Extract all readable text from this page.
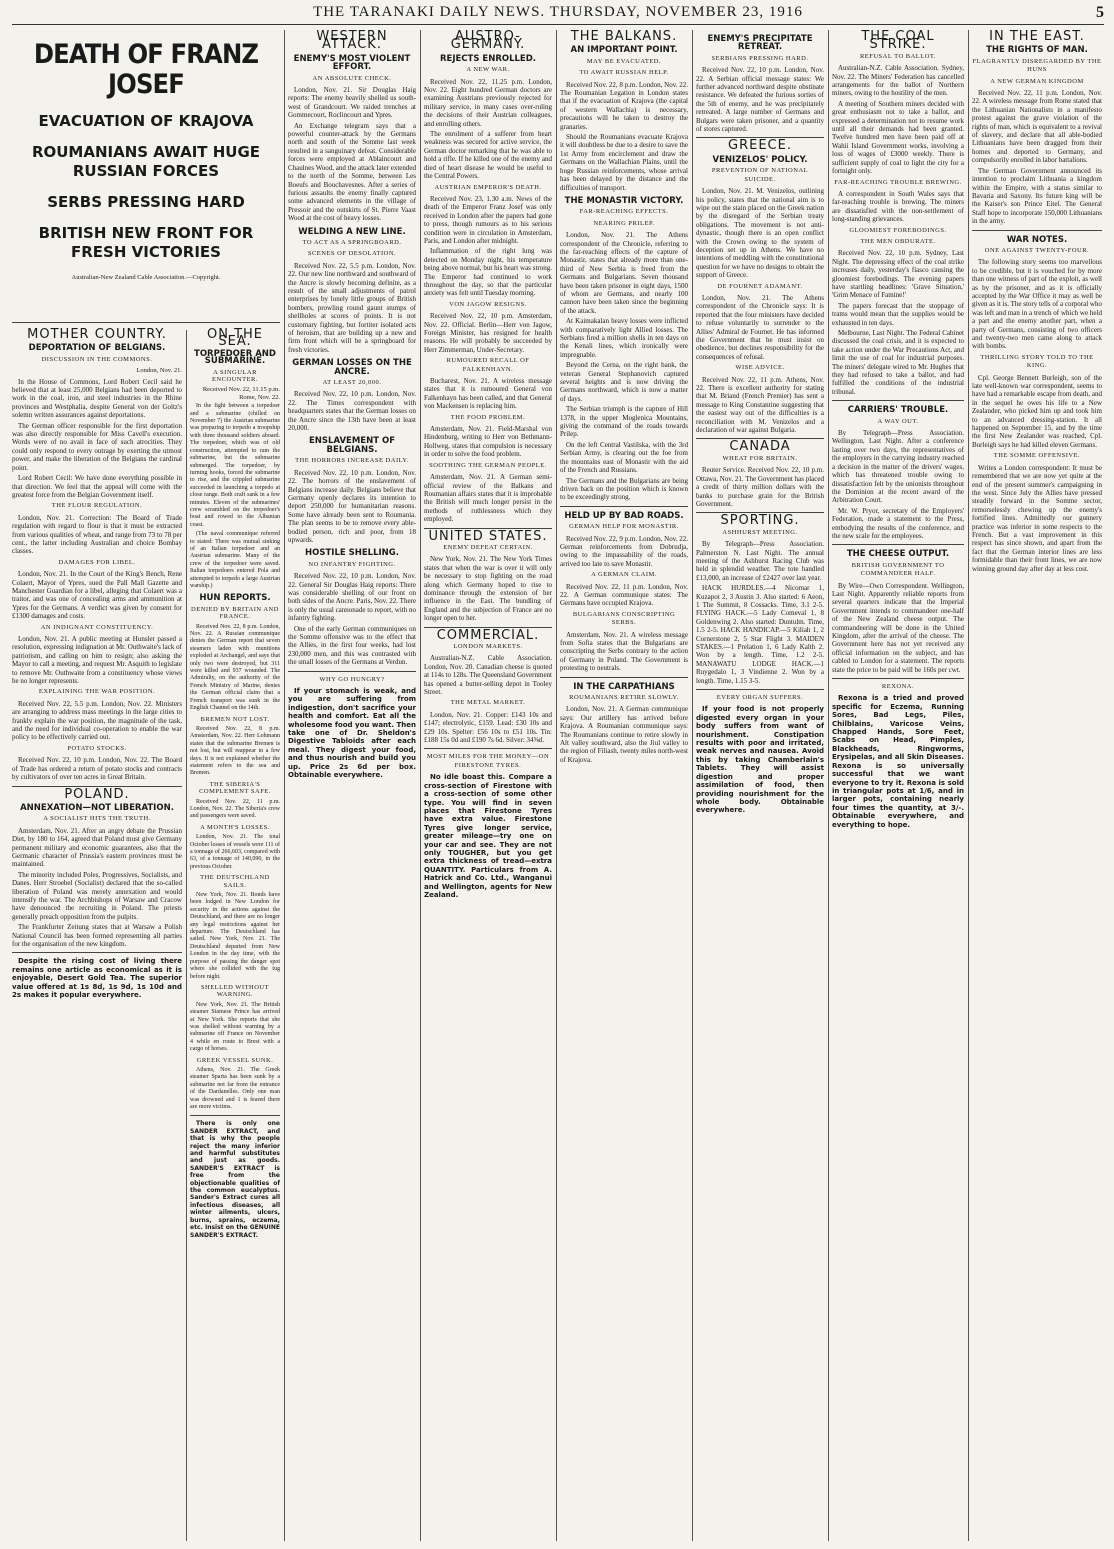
THE TARANAKI DAILY NEWS. THURSDAY, NOVEMBER 23, 1916	5
DEATH OF FRANZ JOSEF
EVACUATION OF KRAJOVA
ROUMANIANS AWAIT HUGE RUSSIAN FORCES
SERBS PRESSING HARD
BRITISH NEW FRONT FOR FRESH VICTORIES
Australian-New Zealand Cable Association.—Copyright.
MOTHER COUNTRY.
DEPORTATION OF BELGIANS.
DISCUSSION IN THE COMMONS.
London, Nov. 21.

In the House of Commons, Lord Robert Cecil said he believed that at least 25,000 Belgians had been deported to work in the coal, iron, and steel industries in the Rhine provinces and Westphalia, despite General von der Goltz's solemn written assurances against deportations.

The German officer responsible for the first deportation was also directly responsible for Miss Cavell's execution. Words were of no avail in face of such atrocities. They could only respond to every outrage by exerting the utmost power, and make the liberation of the Belgians the cardinal point.

Lord Robert Cecil: We have done everything possible in that direction. We feel that the appeal will come with the greatest force from the Belgian Government itself.

THE FLOUR REGULATION.

London, Nov. 21. Correction: The Board of Trade regulation with regard to flour is that it must be extracted from various qualities of wheat, and range from 73 to 78 per cent., the latter including Australian and choice Bombay classes.

DAMAGES FOR LIBEL.

London, Nov. 21. In the Court of the King's Bench, Rene Colaert, Mayor of Ypres, sued the Pall Mall Gazette and Manchester Guardian for a libel, alleging that Colaert was a traitor, and was one of concealing arms and ammunition at Ypres for the Germans. A verdict was given by consent for £1300 damages and costs.

AN INDIGNANT CONSTITUENCY.

London, Nov. 21. A public meeting at Hunslet passed a resolution, expressing indignation at Mr. Outhwaite's lack of patriotism, and calling on him to resign; also asking the Mayor to call a meeting, and request Mr. Asquith to legislate to remove Mr. Outhwaite from a constituency whose views he no longer represents.

EXPLAINING THE WAR POSITION.

Received Nov. 22, 5.5 p.m. London, Nov. 22. Ministers are arranging to address mass meetings in the large cities to frankly explain the war position, the magnitude of the task, and the need for individual co-operation to enable the war policy to be effectively carried out.

POTATO STOCKS.

Received Nov. 22, 10 p.m. London, Nov. 22. The Board of Trade has ordered a return of potato stocks and contracts by cultivators of over ten acres in Great Britain.

POLAND.
ANNEXATION—NOT LIBERATION.
A SOCIALIST HITS THE TRUTH.

Amsterdam, Nov. 21. After an angry debate the Prussian Diet, by 180 to 164, agreed that Poland must give Germany permanent military and economic guarantees, also that the Germanic character of Prussia's eastern provinces must be maintained.

The minority included Poles, Progressives, Socialists, and Danes. Herr Stroebel (Socialist) declared that the so-called liberation of Poland was merely annexation and would intensify the war. The Archbishops of Warsaw and Cracow have denounced the recruiting in Poland. The priests generally preach opposition from the pulpits.

The Frankfurter Zeitung states that at Warsaw a Polish National Council has been formed representing all parties for the organisation of the new kingdom.

Despite the rising cost of living there remains one article as economical as it is enjoyable, Desert Gold Tea. The superior value offered at 1s 8d, 1s 9d, 1s 10d and 2s makes it popular everywhere.

ON THE SEA.
TORPEDOER AND SUBMARINE.
A SINGULAR ENCOUNTER.
Received Nov. 22, 11.15 p.m. Rome, Nov. 22.

In the fight between a torpedoer and a submarine (chilled on November 7) the Austrian submarine was preparing to torpedo a troopship with three thousand soldiers aboard. The torpedoer, which was of old construction, attempted to ram the submarine, but the submarine submerged. The torpedoer, by turning hooks, forced the submarine to rise, and the crippled submarine succeeded in launching a torpedo at close range. Both craft sank in a few minutes. Eleven of the submarines' crew scrambled on the torpedoer's boat and rowed to the Albanian coast.

(The naval communique referred to stated: There was mutual sinking of an Italian torpedoer and an Austrian submarine. Many of the crew of the torpedoer were saved. Italian torpedoers entered Pola and attempted to torpedo a large Austrian warship.)

HUN REPORTS.
DENIED BY BRITAIN AND FRANCE.

Received Nov. 22, 8 p.m. London, Nov. 22. A Russian communique denies the German report that seven steamers laden with munitions exploded at Archangel, and says that only two were destroyed, but 311 were killed and 937 wounded. The Admiralty, on the authority of the French Ministry of Marine, denies the German official claim that a French transport was sunk in the English Channel on the 14th.

BREMEN NOT LOST.

Received Nov. 22, 8 p.m. Amsterdam, Nov. 22. Herr Lohmann states that the submarine Bremen is not lost, but will reappear in a few days. It is not explained whether the statement refers to the sea and Bremen.

THE SIBERIA'S COMPLEMENT SAFE.

Received Nov. 22, 11 p.m. London, Nov. 22. The Siberia's crew and passengers were saved.

A MONTH'S LOSSES.

London, Nov. 21. The total October losses of vessels were 111 of a tonnage of 266,603, compared with 63, of a tonnage of 140,090, in the previous October.

THE DEUTSCHLAND SAILS.

New York, Nov. 21. Bonds have been lodged in New London for security in the actions against the Deutschland, and there are no longer any legal restrictions against her departure. The Deutschland has sailed. New York, Nov. 21. The Deutschland departed from New London in the day time, with the purpose of passing the danger spot where she collided with the tug before night.

SHELLED WITHOUT WARNING.

New York, Nov. 21. The British steamer Siamese Prince has arrived at New York. She reports that she was shelled without warning by a submarine off France on November 4 while en route to Brest with a cargo of horses.

GREEK VESSEL SUNK.

Athens, Nov. 21. The Greek steamer Sparta has been sunk by a submarine not far from the entrance of the Dardanelles. Only one man was drowned and 1 is feared there are more victims.

There is only one SANDER EXTRACT, and that is why the people reject the many inferior and harmful substitutes and just as goods. SANDER'S EXTRACT is free from the objectionable qualities of the common eucalyptus. Sander's Extract cures all infectious diseases, all winter ailments, ulcers, burns, sprains, eczema, etc. Insist on the GENUINE SANDER'S EXTRACT.

WESTERN ATTACK.
ENEMY'S MOST VIOLENT EFFORT.
AN ABSOLUTE CHECK.

London, Nov. 21. Sir Douglas Haig reports: The enemy heavily shelled us south-west of Grandcourt. We raided trenches at Gommecourt, Roclincourt and Ypres.

An Exchange telegram says that a powerful counter-attack by the Germans north and south of the Somme last week resulted in a sanguinary defeat. Considerable forces were employed at Ablaincourt and Chaulnes Wood, and the attack later extended to the north of the Somme, between Les Boeufs and Bouchavesnes. After a series of furious assaults the enemy finally captured some advanced elements in the village of Pressoir and the outskirts of St. Pierre Vaast Wood at the cost of heavy losses.

WELDING A NEW LINE.
TO ACT AS A SPRINGBOARD.
SCENES OF DESOLATION.

Received Nov. 22, 5.5 p.m. London, Nov. 22. Our new line northward and southward of the Ancre is slowly becoming definite, as a result of the small adjustments of patrol enterprises by lonely little groups of British bombers, prowling round gaunt stumps of shellholes at scores of points. It is not customary fighting, but fortiter isolated acts of heroism, that are building up a new and firm front which will be a springboard for fresh victories.

GERMAN LOSSES ON THE ANCRE.
AT LEAST 20,000.

Received Nov. 22, 10 p.m. London, Nov. 22. The Times correspondent with headquarters states that the German losses on the Ancre since the 13th have been at least 20,000.

ENSLAVEMENT OF BELGIANS.
THE HORRORS INCREASE DAILY.

Received Nov. 22, 10 p.m. London, Nov. 22. The horrors of the enslavement of Belgians increase daily. Belgians believe that Germany openly declares its intention to deport 250,000 for humanitarian reasons. Some have already been sent to Roumania. The plan seems to be to remove every able-bodied person, rich and poor, from 18 upwards.

HOSTILE SHELLING.
NO INFANTRY FIGHTING.

Received Nov. 22, 10 p.m. London, Nov. 22. General Sir Douglas Haig reports: There was considerable shelling of our front on both sides of the Ancre. Paris, Nov. 22. There is only the usual cannonade to report, with no infantry fighting.

One of the early German communiques on the Somme offensive was to the effect that the Allies, in the first four weeks, had lost 230,000 men, and this was contrasted with the small losses of the Germans at Verdun.

WHY GO HUNGRY?

If your stomach is weak, and you are suffering from indigestion, don't sacrifice your health and comfort. Eat all the wholesome food you want. Then take one of Dr. Sheldon's Digestive Tabloids after each meal. They digest your food, and thus nourish and build you up. Price 2s 6d per box. Obtainable everywhere.

AUSTRO-GERMANY.
REJECTS ENROLLED.
A NEW WAR.

Received Nov. 22, 11.25 p.m. London, Nov. 22. Eight hundred German doctors are examining Austrians previously rejected for military service, in many cases over-ruling the decisions of their Austrian colleagues, and enrolling others.

The enrolment of a sufferer from heart weakness was secured for active service, the German doctor remarking that he was able to hold a rifle. If he killed one of the enemy and died of heart disease he would be useful to the Central Powers.

AUSTRIAN EMPEROR'S DEATH.

Received Nov. 23, 1.30 a.m. News of the death of the Emperor Franz Josef was only received in London after the papers had gone to press, though rumours as to his serious condition were in circulation in Amsterdam, Paris, and London after midnight.

Inflammation of the right lung was detected on Monday night, his temperature being above normal, but his heart was strong. The Emperor had continued to work throughout the day, so that the particular anxiety was felt until Tuesday morning.

VON JAGOW RESIGNS.

Received Nov. 22, 10 p.m. Amsterdam, Nov. 22. Official. Berlin—Herr von Jagow, Foreign Minister, has resigned for health reasons. He will probably be succeeded by Herr Zimmerman, Under-Secretary.

RUMOURED RECALL OF FALKENHAYN.

Bucharest, Nov. 21. A wireless message states that it is rumoured General von Falkenhayn has been called, and that General von Mackensen is replacing him.

THE FOOD PROBLEM.

Amsterdam, Nov. 21. Field-Marshal von Hindenburg, writing to Herr von Bethmann-Hollweg, states that compulsion is necessary in order to solve the food problem.

SOOTHING THE GERMAN PEOPLE.

Amsterdam, Nov. 21. A German semi-official review of the Balkans and Roumanian affairs states that it is improbable the British will much longer persist in the methods of ruthlessness which they employed.

UNITED STATES.
ENEMY DEFEAT CERTAIN.

New York, Nov. 21. The New York Times states that when the war is over it will only be necessary to stop fighting on the road along which Germany hoped to rise to dominance through the extension of her influence in the East. The bundling of England and the subjection of France are no longer open to her.

COMMERCIAL.
LONDON MARKETS.

Australian-N.Z. Cable Association. London, Nov. 20. Canadian cheese is quoted at 114s to 128s. The Queensland Government has opened a butter-selling depot in Tooley Street.

THE METAL MARKET.

London, Nov. 21. Copper: £143 10s and £147; electrolytic, £159. Lead: £30 10s and £29 10s. Spelter: £56 10s to £51 10s. Tin: £188 15s 0d and £190 7s 6d. Silver: 34⅝d.

MOST MILES FOR THE MONEY—ON FIRESTONE TYRES.

No idle boast this. Compare a cross-section of Firestone with a cross-section of some other type. You will find in seven places that Firestone Tyres have extra value. Firestone Tyres give longer service, greater mileage—try one on your car and see. They are not only TOUGHER, but you get extra thickness of tread—extra QUANTITY. Particulars from A. Hatrick and Co. Ltd., Wanganui and Wellington, agents for New Zealand.

THE BALKANS.
AN IMPORTANT POINT.
MAY BE EVACUATED.
TO AWAIT RUSSIAN HELP.

Received Nov. 22, 8 p.m. London, Nov. 22. The Roumanian Legation in London states that if the evacuation of Krajova (the capital of western Wallachia) is necessary, precautions will be taken to destroy the granaries.

Should the Roumanians evacuate Krajova it will doubtless be due to a desire to save the 1st Army from encirclement and draw the Germans on the Wallachian Plains, until the huge Russian reinforcements, whose arrival has been delayed by the distance and the difficulties of transport.

THE MONASTIR VICTORY.
FAR-REACHING EFFECTS.
NEARING PRILEP.

London, Nov. 21. The Athens correspondent of the Chronicle, referring to the far-reaching effects of the capture of Monastir, states that already more than one-third of New Serbia is freed from the Germans and Bulgarians. Seven thousand have been taken prisoner in eight days, 1500 of whom are Germans, and nearly 100 cannon have been taken since the beginning of the attack.

At Kaimakalan heavy losses were inflicted with comparatively light Allied losses. The Serbians fired a million shells in ten days on the Kenali lines, which ironically were impregnable.

Beyond the Cerna, on the right bank, the veteran General Stephanovich captured several heights and is now driving the Germans northward, which is now a matter of days.

The Serbian triumph is the capture of Hill 1378, in the upper Moglenica Mountains, giving the command of the roads towards Prilep.

On the left Central Vastilska, with the 3rd Serbian Army, is clearing out the foe from the mountains east of Monastir with the aid of the French and Russians.

The Germans and the Bulgarians are being driven back on the position which is known to be exceedingly strong.

HELD UP BY BAD ROADS.
GERMAN HELP FOR MONASTIR.

Received Nov. 22, 9 p.m. London, Nov. 22. German reinforcements from Dobrudja, owing to the impassability of the roads, arrived too late to save Monastir.

A GERMAN CLAIM.

Received Nov. 22, 11 p.m. London, Nov. 22. A German communique states: The Germans have occupied Krajova.

BULGARIANS CONSCRIPTING SERBS.

Amsterdam, Nov. 21. A wireless message from Sofia states that the Bulgarians are conscripting the Serbs contrary to the action of Germany in Poland. The Government is protesting to neutrals.

IN THE CARPATHIANS
ROUMANIANS RETIRE SLOWLY.

London, Nov. 21. A German communique says: Our artillery has arrived before Krajova. A Roumanian communique says: The Roumanians continue to retire slowly in Alt valley southward, also the Jiul valley to the region of Filiash, twenty miles north-west of Krajova.

ENEMY'S PRECIPITATE RETREAT.
SERBIANS PRESSING HARD.

Received Nov. 22, 10 p.m. London, Nov. 22. A Serbian official message states: We further advanced northward despite obstinate resistance. We defeated the furious sorties of the 5th of enemy, and he was precipitately retreated. A large number of Germans and Bulgars were taken prisoner, and a quantity of stores captured.

GREECE.
VENIZELOS' POLICY.
PREVENTION OF NATIONAL SUICIDE.

London, Nov. 21. M. Venizelos, outlining his policy, states that the national aim is to wipe out the stain placed on the Greek nation by the disregard of the Serbian treaty obligations. The movement is not anti-dynastic, though there is an open conflict with the Crown owing to the system of deception set up in Athens. We have no intentions of meddling with the constitutional question for we have no designs to obtain the support of Greece.

DE FOURNET ADAMANT.

London, Nov. 21. The Athens correspondent of the Chronicle says: It is reported that the four ministers have decided to refuse voluntarily to surrender to the Allies' Admiral de Fournet. He has informed the Government that he must insist on obedience, but declines responsibility for the consequences of refusal.

WISE ADVICE.

Received Nov. 22, 11 p.m. Athens, Nov. 22. There is excellent authority for stating that M. Briand (French Premier) has sent a message to King Constantine suggesting that the easiest way out of the difficulties is a reconciliation with M. Venizelos and a declaration of war against Bulgaria.

CANADA
WHEAT FOR BRITAIN.

Reuter Service. Received Nov. 22, 10 p.m. Ottawa, Nov. 21. The Government has placed a credit of thirty million dollars with the banks to purchase grain for the British Government.

SPORTING.
ASHHURST MEETING.

By Telegraph—Press Association. Palmerston N. Last Night. The annual meeting of the Ashhurst Racing Club was held in splendid weather. The tote handled £13,000, an increase of £2427 over last year.

HACK HURDLES.—4 Nicomar 1, Kuzapot 2, 3 Austin 3. Also started: 6 Aeon, 1 The Summit, 8 Cossacks. Time, 3.1 2-5. FLYING HACK.—5 Lady Comeval 1, 8 Goldenwing 2. Also started: Duntulm. Time, 1.5 2-5. HACK HANDICAP.—5 Kiliah 1, 2 Cornerstone 2, 5 Star Flight 3. MAIDEN STAKES.—1 Prelation 1, 6 Lady Kalth 2. Won by a length. Time, 1.2 2-5. MANAWATU LODGE HACK.—1 Ruygedalo 1, 3 Vindienne 2. Won by a length. Time, 1.15 3-5.

EVERY ORGAN SUFFERS.

If your food is not properly digested every organ in your body suffers from want of nourishment. Constipation results with poor and irritated, weak nerves and nausea. Avoid this by taking Chamberlain's Tablets. They will assist digestion and proper assimilation of food, then providing nourishment for the whole body. Obtainable everywhere.

THE COAL STRIKE.
REFUSAL TO BALLOT.

Australian-N.Z. Cable Association. Sydney, Nov. 22. The Miners' Federation has cancelled arrangements for the ballot of Northern miners, owing to the hostility of the men.

A meeting of Southern miners decided with great enthusiasm not to take a ballot, and expressed a determination not to resume work until all their demands had been granted. Twelve hundred men have been paid off at Wahii Island Government works, involving a loss of wages of £3000 weekly. There is sufficient supply of coal to light the city for a fortnight only.

FAR-REACHING TROUBLE BREWING.

A correspondent in South Wales says that far-reaching trouble is brewing. The miners are dissatisfied with the non-settlement of long-standing grievances.

GLOOMIEST FOREBODINGS.
THE MEN OBDURATE.

Received Nov. 22, 10 p.m. Sydney, Last Night. The depressing effect of the coal strike increases daily, yesterday's fiasco causing the gloomiest forebodings. The evening papers have startling headlines: 'Grave Situation,' 'Grim Menace of Famine!'

The papers forecast that the stoppage of trams would mean that the supplies would be exhausted in ten days.

Melbourne, Last Night. The Federal Cabinet discussed the coal crisis, and it is expected to take action under the War Precautions Act, and limit the use of coal for industrial purposes. The miners' delegate wired to Mr. Hughes that they had refused to take a ballot, and had fulfilled the conditions of the industrial tribunal.

CARRIERS' TROUBLE.
A WAY OUT.

By Telegraph—Press Association. Wellington, Last Night. After a conference lasting over two days, the representatives of the employers in the carrying industry reached a decision in the matter of the drivers' wages, which has threatened trouble owing to dissatisfaction felt by the unionists throughout the Dominion at the recent award of the Arbitration Court.

Mr. W. Pryor, secretary of the Employers' Federation, made a statement to the Press, embodying the results of the conference, and the new scale for the employees.

THE CHEESE OUTPUT.
BRITISH GOVERNMENT TO COMMANDEER HALF.

By Wire—Own Correspondent. Wellington, Last Night. Apparently reliable reports from several quarters indicate that the Imperial Government intends to commandeer one-half of the New Zealand cheese output. The commandeering will be done in the United Kingdom, after the arrival of the cheese. The Government here has not yet received any official information on the subject, and has cabled to London for a statement. The reports state the price to be paid will be 160s per cwt.

REXONA.

Rexona is a tried and proved specific for Eczema, Running Sores, Bad Legs, Piles, Chilblains, Varicose Veins, Chapped Hands, Sore Feet, Scabs on Head, Pimples, Blackheads, Ringworms, Erysipelas, and all Skin Diseases. Rexona is so universally successful that we want everyone to try it. Rexona is sold in triangular pots at 1/6, and in larger pots, containing nearly four times the quantity, at 3/-. Obtainable everywhere, and everything to hope.

IN THE EAST.
THE RIGHTS OF MAN.
FLAGRANTLY DISREGARDED BY THE HUNS
A NEW GERMAN KINGDOM

Received Nov. 22, 11 p.m. London, Nov. 22. A wireless message from Rome stated that the Lithuanian Nationalists in a manifesto protest against the grave violation of the rights of man, which is equivalent to a revival of slavery, and declare that all able-bodied Lithuanians have been dragged from their homes and deported to Germany, and compulsorily enrolled in labor battalions.

The German Government announced its intention to proclaim Lithuania a kingdom within the Empire, with a status similar to Bavaria and Saxony. Its future king will be the Kaiser's son Prince Eitel. The General Staff hope to incorporate 150,000 Lithuanians in the army.

WAR NOTES.
ONE AGAINST TWENTY-FOUR.

The following story seems too marvellous to be credible, but it is vouched for by more than one witness of part of the exploit, as well as by the prisoner, and as it is officially accepted by the War Office it may as well be given as it is. The story tells of a corporal who was left and man in a trench of which we held a part and the enemy another part, when a party of Germans, consisting of two officers and twenty-two men came along to attack with bombs.

THRILLING STORY TOLD TO THE KING.

Cpl. George Bennett Burleigh, son of the late well-known war correspondent, seems to have had a remarkable escape from death, and in the sequel he owes his life to a New Zealander, who picked him up and took him to an advanced dressing-station. It all happened on September 15, and by the time the first New Zealander was reached, Cpl. Burleigh says he had killed eleven Germans.

THE SOMME OFFENSIVE.

Writes a London correspondent: It must be remembered that we are now yet quite at the end of the present summer's campaigning in the west. Since July the Allies have pressed steadily forward in the Somme sector, remorselessly chewing up the enemy's fortified lines. Admittedly our gunnery practice was inferior in some respects to the French. But a vast improvement in this respect has since shown, and apart from the fact that the German interior lines are less formidable than their front lines, we are now winning ground day after day at less cost.
